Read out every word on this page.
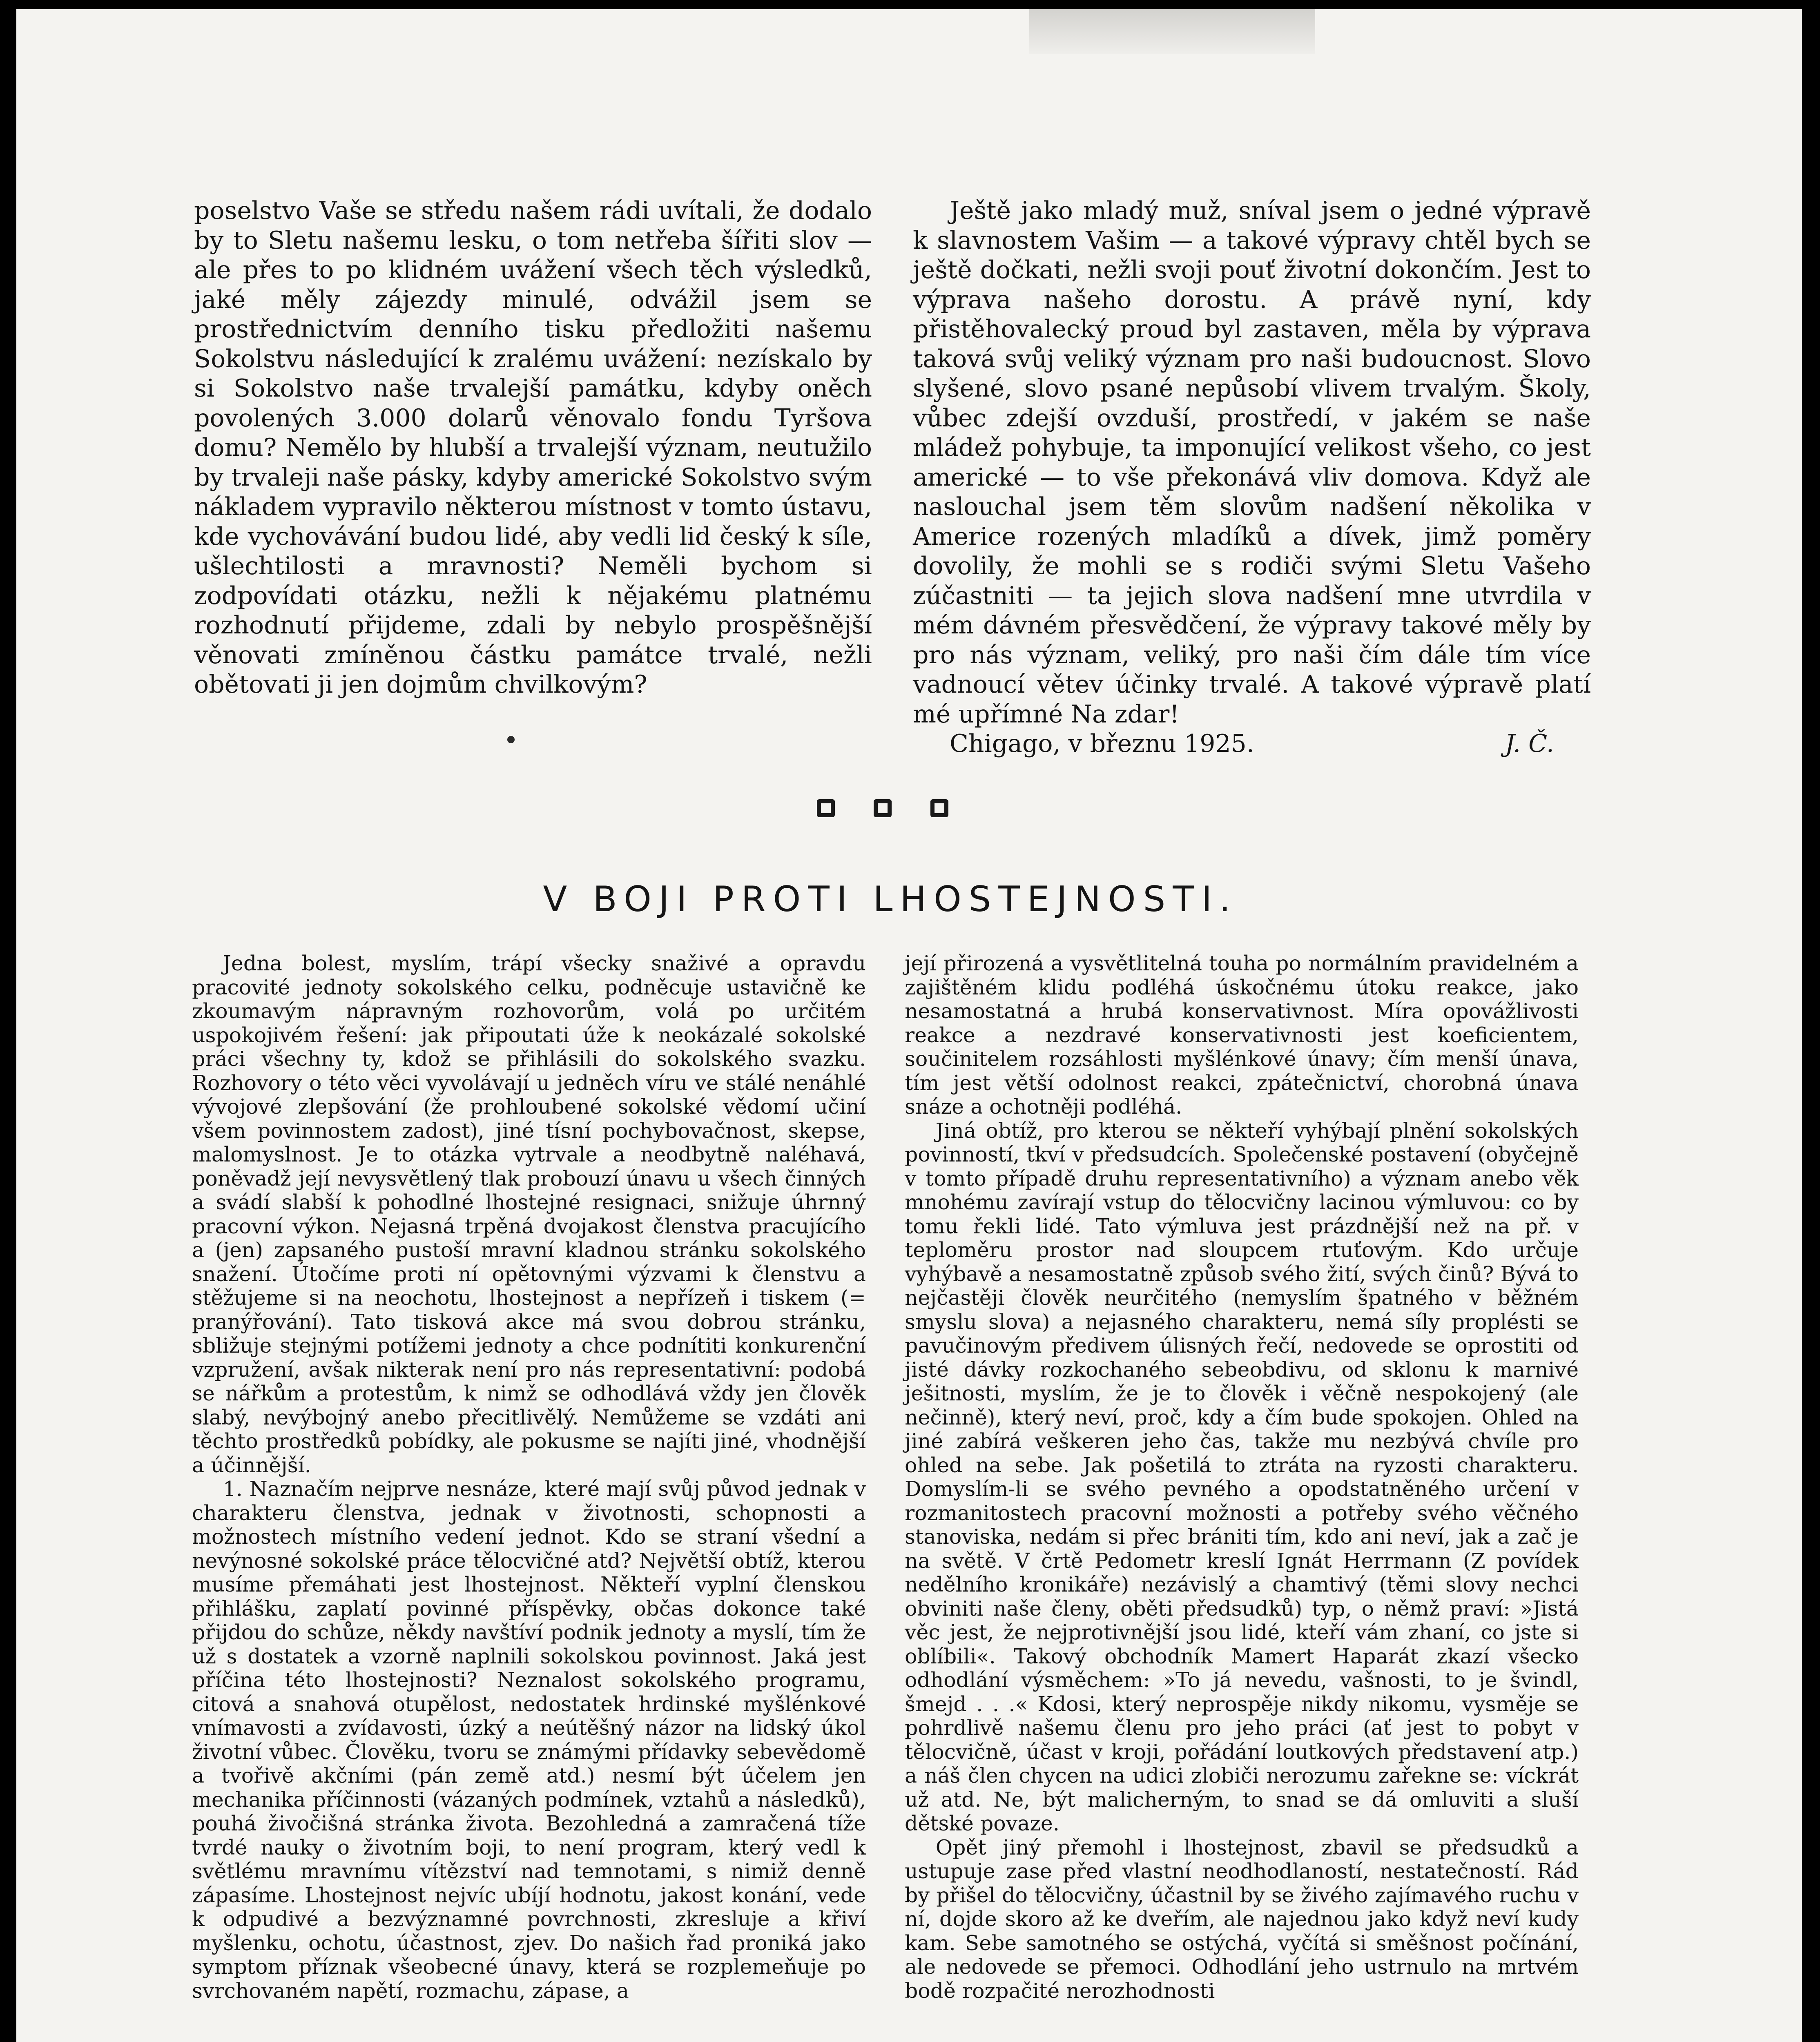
poselstvo Vaše se středu našem rádi uvítali, že dodalo by to Sletu našemu lesku, o tom netřeba šířiti slov — ale přes to po klidném uvážení všech těch výsledků, jaké měly zájezdy minulé, odvážil jsem se prostřednictvím denního tisku předložiti našemu Sokolstvu následující k zralému uvážení: nezískalo by si Sokolstvo naše trvalejší památku, kdyby oněch povolených 3.000 dolarů věnovalo fondu Tyršova domu? Nemělo by hlubší a trvalejší význam, neutužilo by trvaleji naše pásky, kdyby americké Sokolstvo svým nákladem vypravilo některou místnost v tomto ústavu, kde vychovávání budou lidé, aby vedli lid český k síle, ušlechtilosti a mravnosti? Neměli bychom si zodpovídati otázku, nežli k nějakému platnému rozhodnutí přijdeme, zdali by nebylo prospěšnější věnovati zmíněnou částku památce trvalé, nežli obětovati ji jen dojmům chvilkovým?

Ještě jako mladý muž, sníval jsem o jedné výpravě k slavnostem Vašim — a takové výpravy chtěl bych se ještě dočkati, nežli svoji pouť životní dokončím. Jest to výprava našeho dorostu. A právě nyní, kdy přistěhovalecký proud byl zastaven, měla by výprava taková svůj veliký význam pro naši budoucnost. Slovo slyšené, slovo psané nepůsobí vlivem trvalým. Školy, vůbec zdejší ovzduší, prostředí, v jakém se naše mládež pohybuje, ta imponující velikost všeho, co jest americké — to vše překonává vliv domova. Když ale naslouchal jsem těm slovům nadšení několika v Americe rozených mladíků a dívek, jimž poměry dovolily, že mohli se s rodiči svými Sletu Vašeho zúčastniti — ta jejich slova nadšení mne utvrdila v mém dávném přesvědčení, že výpravy takové měly by pro nás význam, veliký, pro naši čím dále tím více vadnoucí větev účinky trvalé. A takové výpravě platí mé upřímné Na zdar!

Chigago, v březnu 1925.	J. Č.
V BOJI PROTI LHOSTEJNOSTI.

Jedna bolest, myslím, trápí všecky snaživé a opravdu pracovité jednoty sokolského celku, podněcuje ustavičně ke zkoumavým nápravným rozhovorům, volá po určitém uspokojivém řešení: jak připoutati úže k neokázalé sokolské práci všechny ty, kdož se přihlásili do sokolského svazku. Rozhovory o této věci vyvolávají u jedněch víru ve stálé nenáhlé vývojové zlepšování (že prohloubené sokolské vědomí učiní všem povinnostem zadost), jiné tísní pochybovačnost, skepse, malomyslnost. Je to otázka vytrvale a neodbytně naléhavá, poněvadž její nevysvětlený tlak probouzí únavu u všech činných a svádí slabší k pohodlné lhostejné resignaci, snižuje úhrnný pracovní výkon. Nejasná trpěná dvojakost členstva pracujícího a (jen) zapsaného pustoší mravní kladnou stránku sokolského snažení. Útočíme proti ní opětovnými výzvami k členstvu a stěžujeme si na neochotu, lhostejnost a nepřízeň i tiskem (= pranýřování). Tato tisková akce má svou dobrou stránku, sbližuje stejnými potížemi jednoty a chce podnítiti konkurenční vzpružení, avšak nikterak není pro nás representativní: podobá se nářkům a protestům, k nimž se odhodlává vždy jen člověk slabý, nevýbojný anebo přecitlivělý. Nemůžeme se vzdáti ani těchto prostředků pobídky, ale pokusme se najíti jiné, vhodnější a účinnější.

1. Naznačím nejprve nesnáze, které mají svůj původ jednak v charakteru členstva, jednak v životnosti, schopnosti a možnostech místního vedení jednot. Kdo se straní všední a nevýnosné sokolské práce tělocvičné atd? Největší obtíž, kterou musíme přemáhati jest lhostejnost. Někteří vyplní členskou přihlášku, zaplatí povinné příspěvky, občas dokonce také přijdou do schůze, někdy navštíví podnik jednoty a myslí, tím že už s dostatek a vzorně naplnili sokolskou povinnost. Jaká jest příčina této lhostejnosti? Neznalost sokolského programu, citová a snahová otupělost, nedostatek hrdinské myšlénkové vnímavosti a zvídavosti, úzký a neútěšný názor na lidský úkol životní vůbec. Člověku, tvoru se známými přídavky sebevědomě a tvořivě akčními (pán země atd.) nesmí být účelem jen mechanika příčinnosti (vázaných podmínek, vztahů a následků), pouhá živočišná stránka života. Bezohledná a zamračená tíže tvrdé nauky o životním boji, to není program, který vedl k světlému mravnímu vítězství nad temnotami, s nimiž denně zápasíme. Lhostejnost nejvíc ubíjí hodnotu, jakost konání, vede k odpudivé a bezvýznamné povrchnosti, zkresluje a křiví myšlenku, ochotu, účastnost, zjev. Do našich řad proniká jako symptom příznak všeobecné únavy, která se rozplemeňuje po svrchovaném napětí, rozmachu, zápase, a

její přirozená a vysvětlitelná touha po normálním pravidelném a zajištěném klidu podléhá úskočnému útoku reakce, jako nesamostatná a hrubá konservativnost. Míra opovážlivosti reakce a nezdravé konservativnosti jest koeficientem, součinitelem rozsáhlosti myšlénkové únavy; čím menší únava, tím jest větší odolnost reakci, zpátečnictví, chorobná únava snáze a ochotněji podléhá.

Jiná obtíž, pro kterou se někteří vyhýbají plnění sokolských povinností, tkví v předsudcích. Společenské postavení (obyčejně v tomto případě druhu representativního) a význam anebo věk mnohému zavírají vstup do tělocvičny lacinou výmluvou: co by tomu řekli lidé. Tato výmluva jest prázdnější než na př. v teploměru prostor nad sloupcem rtuťovým. Kdo určuje vyhýbavě a nesamostatně způsob svého žití, svých činů? Bývá to nejčastěji člověk neurčitého (nemyslím špatného v běžném smyslu slova) a nejasného charakteru, nemá síly proplésti se pavučinovým předivem úlisných řečí, nedovede se oprostiti od jisté dávky rozkochaného sebeobdivu, od sklonu k marnivé ješitnosti, myslím, že je to člověk i věčně nespokojený (ale nečinně), který neví, proč, kdy a čím bude spokojen. Ohled na jiné zabírá veškeren jeho čas, takže mu nezbývá chvíle pro ohled na sebe. Jak pošetilá to ztráta na ryzosti charakteru. Domyslím-li se svého pevného a opodstatněného určení v rozmanitostech pracovní možnosti a potřeby svého věčného stanoviska, nedám si přec brániti tím, kdo ani neví, jak a zač je na světě. V črtě Pedometr kreslí Ignát Herrmann (Z povídek nedělního kronikáře) nezávislý a chamtivý (těmi slovy nechci obviniti naše členy, oběti předsudků) typ, o němž praví: »Jistá věc jest, že nejprotivnější jsou lidé, kteří vám zhaní, co jste si oblíbili«. Takový obchodník Mamert Haparát zkazí všecko odhodlání výsměchem: »To já nevedu, vašnosti, to je švindl, šmejd . . .« Kdosi, který neprospěje nikdy nikomu, vysměje se pohrdlivě našemu členu pro jeho práci (ať jest to pobyt v tělocvičně, účast v kroji, pořádání loutkových představení atp.) a náš člen chycen na udici zlobiči nerozumu zařekne se: víckrát už atd. Ne, být malicherným, to snad se dá omluviti a sluší dětské povaze.

Opět jiný přemohl i lhostejnost, zbavil se předsudků a ustupuje zase před vlastní neodhodlaností, nestatečností. Rád by přišel do tělocvičny, účastnil by se živého zajímavého ruchu v ní, dojde skoro až ke dveřím, ale najednou jako když neví kudy kam. Sebe samotného se ostýchá, vyčítá si směšnost počínání, ale nedovede se přemoci. Odhodlání jeho ustrnulo na mrtvém bodě rozpačité nerozhodnosti
